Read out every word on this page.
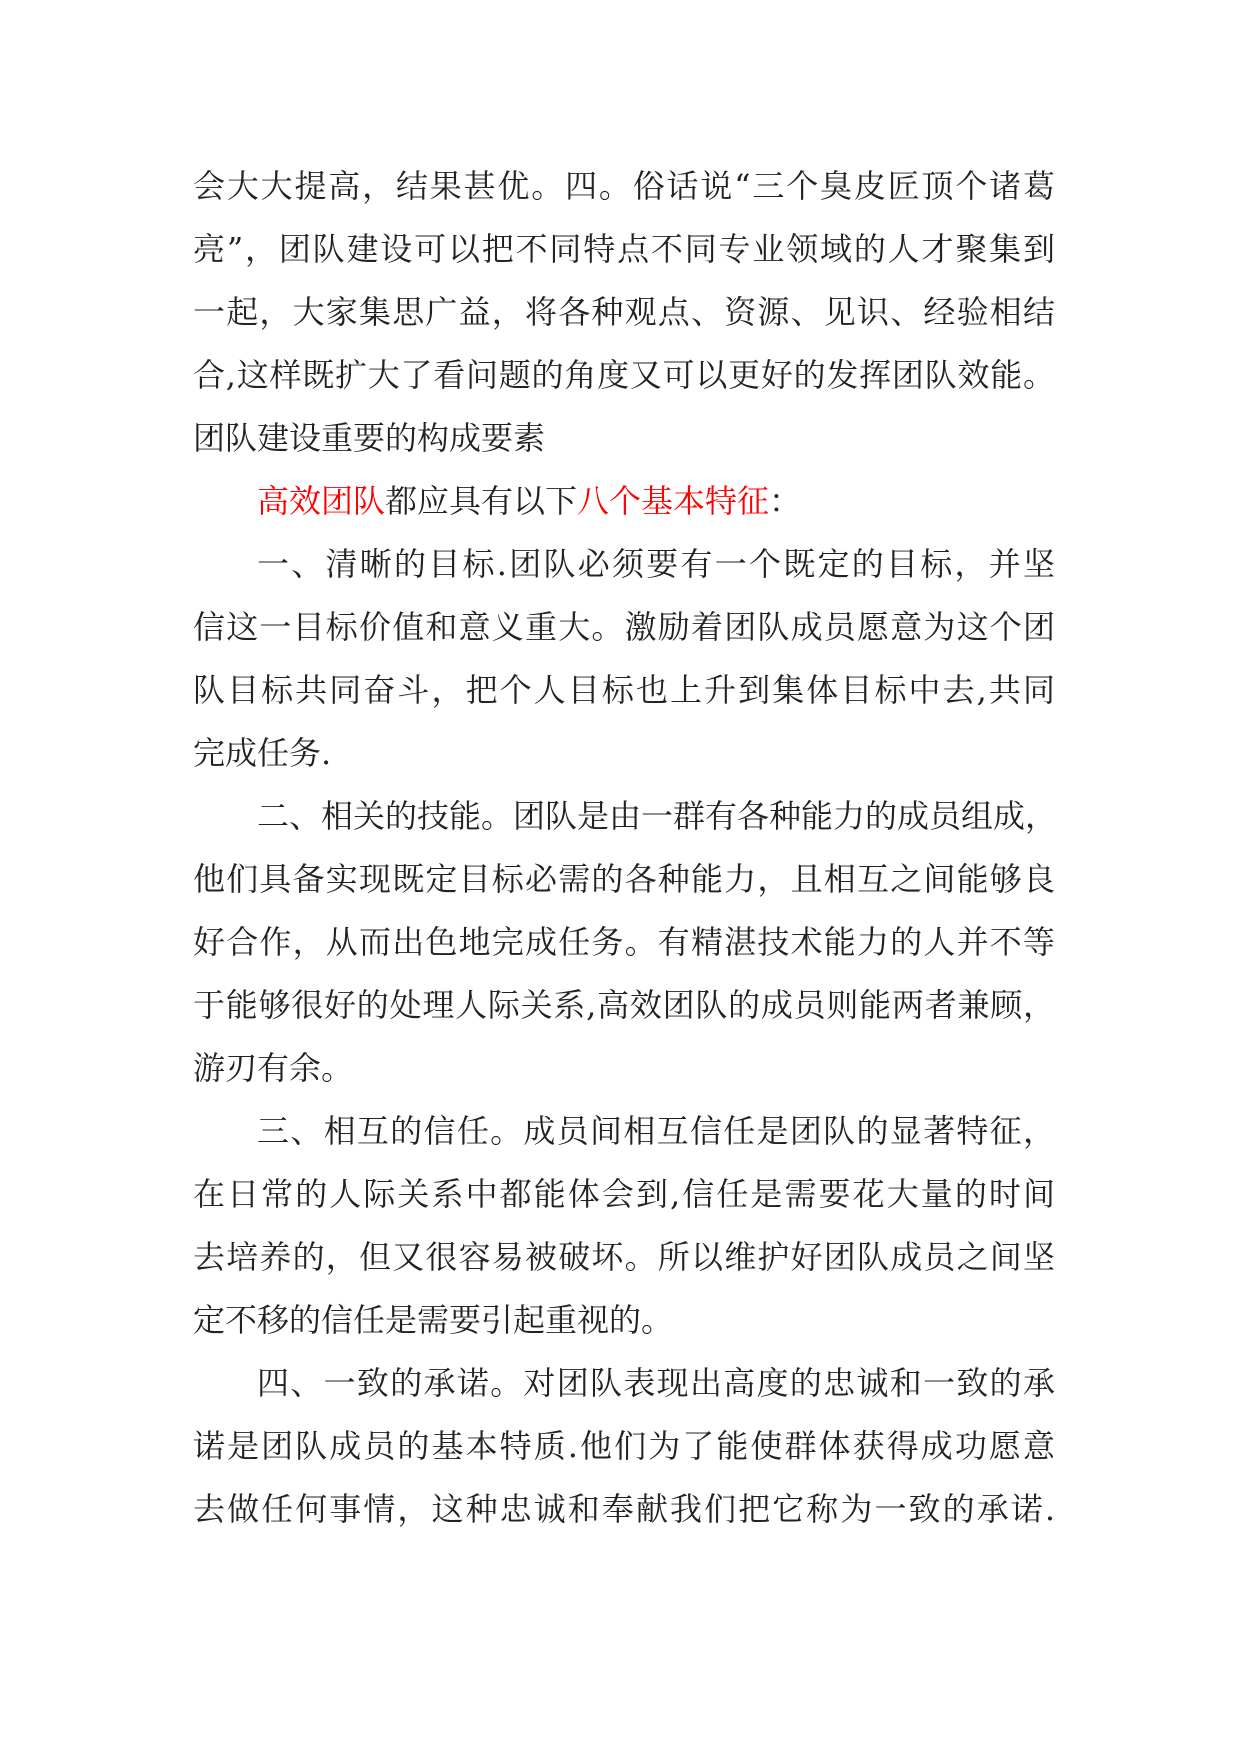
会大大提高，结果甚优。四。俗话说“三个臭皮匠顶个诸葛
亮”，团队建设可以把不同特点不同专业领域的人才聚集到
一起，大家集思广益，将各种观点、资源、见识、经验相结
合,这样既扩大了看问题的角度又可以更好的发挥团队效能。
团队建设重要的构成要素
高效团队都应具有以下八个基本特征：
一、清晰的目标.团队必须要有一个既定的目标，并坚
信这一目标价值和意义重大。激励着团队成员愿意为这个团
队目标共同奋斗，把个人目标也上升到集体目标中去,共同
完成任务.
二、相关的技能。团队是由一群有各种能力的成员组成，
他们具备实现既定目标必需的各种能力，且相互之间能够良
好合作，从而出色地完成任务。有精湛技术能力的人并不等
于能够很好的处理人际关系,高效团队的成员则能两者兼顾，
游刃有余。
三、相互的信任。成员间相互信任是团队的显著特征，
在日常的人际关系中都能体会到,信任是需要花大量的时间
去培养的，但又很容易被破坏。所以维护好团队成员之间坚
定不移的信任是需要引起重视的。
四、一致的承诺。对团队表现出高度的忠诚和一致的承
诺是团队成员的基本特质.他们为了能使群体获得成功愿意
去做任何事情，这种忠诚和奉献我们把它称为一致的承诺.
